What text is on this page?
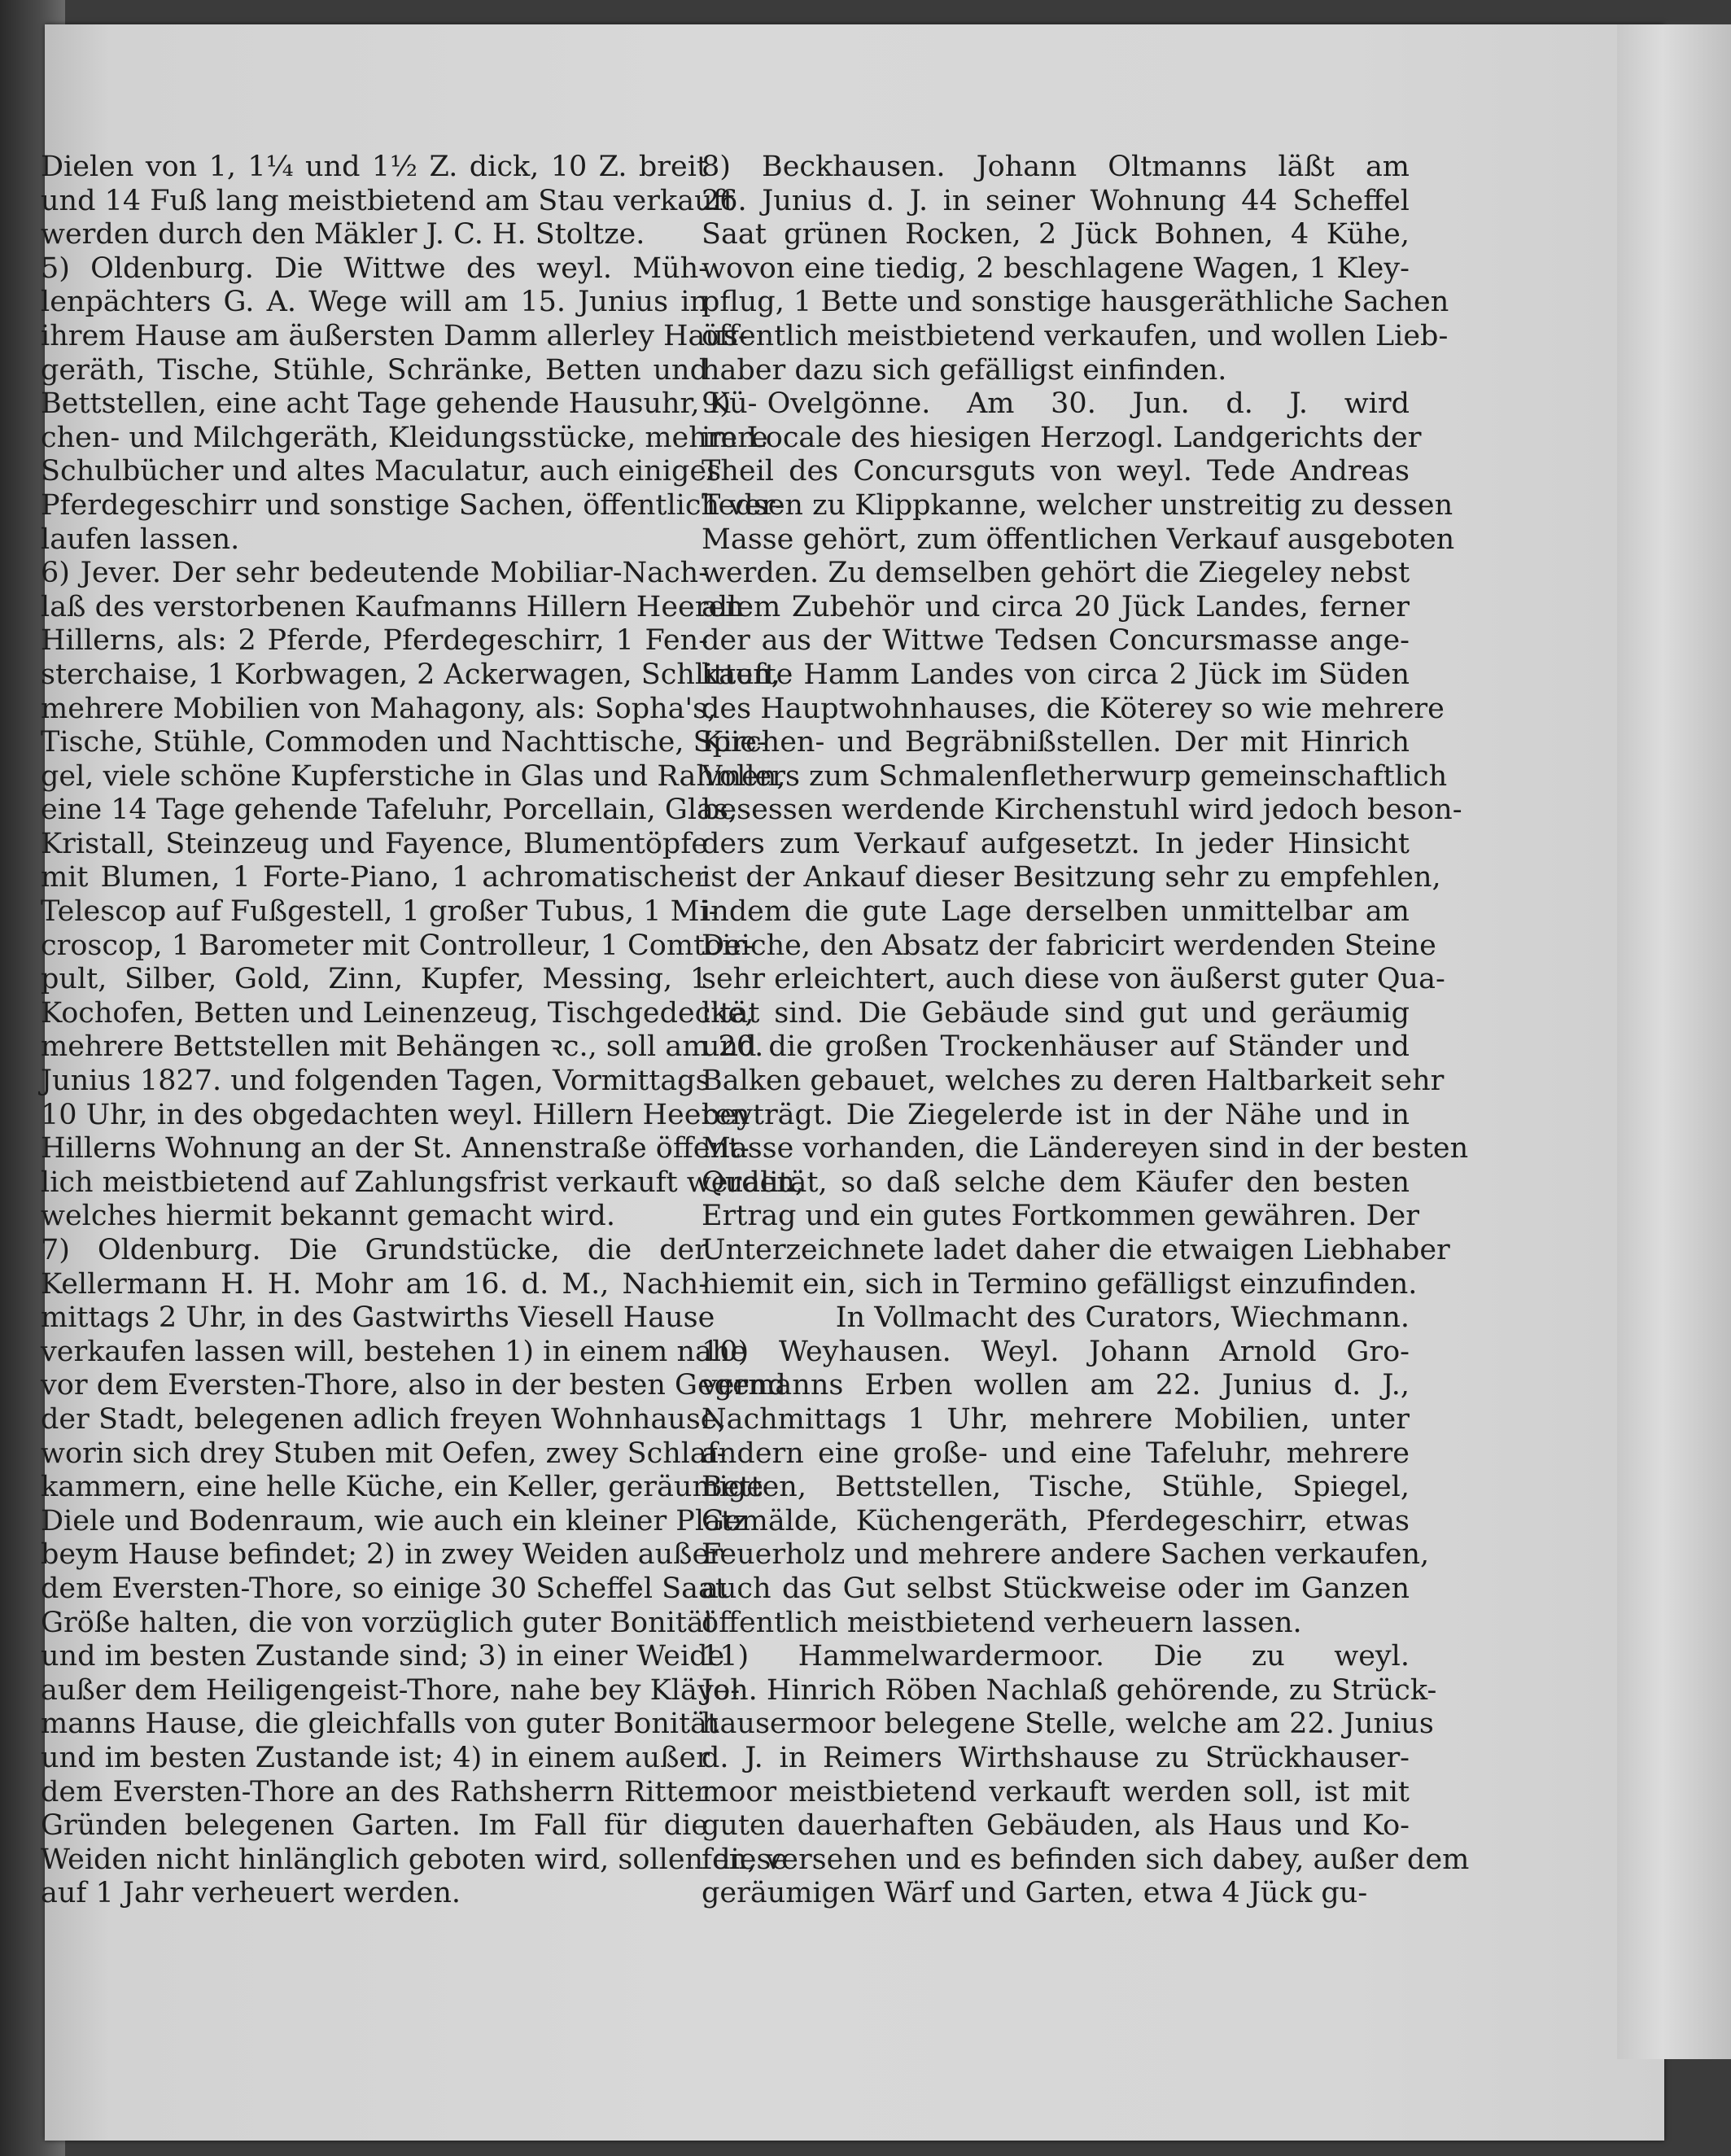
Dielen von 1, 1¼ und 1½ Z. dick, 10 Z. breit
und 14 Fuß lang meistbietend am Stau verkauft
werden durch den Mäkler J. C. H. Stoltze.

5) Oldenburg. Die Wittwe des weyl. Müh-
lenpächters G. A. Wege will am 15. Junius in
ihrem Hause am äußersten Damm allerley Haus-
geräth, Tische, Stühle, Schränke, Betten und
Bettstellen, eine acht Tage gehende Hausuhr, Kü-
chen- und Milchgeräth, Kleidungsstücke, mehrere
Schulbücher und altes Maculatur, auch einiges
Pferdegeschirr und sonstige Sachen, öffentlich ver-
laufen lassen.

6) Jever. Der sehr bedeutende Mobiliar-Nach-
laß des verstorbenen Kaufmanns Hillern Heeren
Hillerns, als: 2 Pferde, Pferdegeschirr, 1 Fen-
sterchaise, 1 Korbwagen, 2 Ackerwagen, Schlitten,
mehrere Mobilien von Mahagony, als: Sopha's,
Tische, Stühle, Commoden und Nachttische, Spie-
gel, viele schöne Kupferstiche in Glas und Rahmen,
eine 14 Tage gehende Tafeluhr, Porcellain, Glas,
Kristall, Steinzeug und Fayence, Blumentöpfe
mit Blumen, 1 Forte-Piano, 1 achromatischer
Telescop auf Fußgestell, 1 großer Tubus, 1 Mi-
croscop, 1 Barometer mit Controlleur, 1 Comtoir-
pult, Silber, Gold, Zinn, Kupfer, Messing, 1
Kochofen, Betten und Leinenzeug, Tischgedecke,
mehrere Bettstellen mit Behängen ꝛc., soll am 20.
Junius 1827. und folgenden Tagen, Vormittags
10 Uhr, in des obgedachten weyl. Hillern Heeren
Hillerns Wohnung an der St. Annenstraße öffent-
lich meistbietend auf Zahlungsfrist verkauft werden,
welches hiermit bekannt gemacht wird.

7) Oldenburg. Die Grundstücke, die der
Kellermann H. H. Mohr am 16. d. M., Nach-
mittags 2 Uhr, in des Gastwirths Viesell Hause
verkaufen lassen will, bestehen 1) in einem nahe
vor dem Eversten-Thore, also in der besten Gegend
der Stadt, belegenen adlich freyen Wohnhause,
worin sich drey Stuben mit Oefen, zwey Schlaf-
kammern, eine helle Küche, ein Keller, geräumige
Diele und Bodenraum, wie auch ein kleiner Platz
beym Hause befindet; 2) in zwey Weiden außer
dem Eversten-Thore, so einige 30 Scheffel Saat
Größe halten, die von vorzüglich guter Bonität
und im besten Zustande sind; 3) in einer Weide
außer dem Heiligengeist-Thore, nahe bey Kläve-
manns Hause, die gleichfalls von guter Bonität
und im besten Zustande ist; 4) in einem außer
dem Eversten-Thore an des Rathsherrn Ritter
Gründen belegenen Garten. Im Fall für die
Weiden nicht hinlänglich geboten wird, sollen diese
auf 1 Jahr verheuert werden.

8) Beckhausen. Johann Oltmanns läßt am
26. Junius d. J. in seiner Wohnung 44 Scheffel
Saat grünen Rocken, 2 Jück Bohnen, 4 Kühe,
wovon eine tiedig, 2 beschlagene Wagen, 1 Kley-
pflug, 1 Bette und sonstige hausgeräthliche Sachen
öffentlich meistbietend verkaufen, und wollen Lieb-
haber dazu sich gefälligst einfinden.

9) Ovelgönne. Am 30. Jun. d. J. wird
im Locale des hiesigen Herzogl. Landgerichts der
Theil des Concursguts von weyl. Tede Andreas
Tedsen zu Klippkanne, welcher unstreitig zu dessen
Masse gehört, zum öffentlichen Verkauf ausgeboten
werden. Zu demselben gehört die Ziegeley nebst
allem Zubehör und circa 20 Jück Landes, ferner
der aus der Wittwe Tedsen Concursmasse ange-
kaufte Hamm Landes von circa 2 Jück im Süden
des Hauptwohnhauses, die Köterey so wie mehrere
Kirchen- und Begräbnißstellen. Der mit Hinrich
Vollers zum Schmalenfletherwurp gemeinschaftlich
besessen werdende Kirchenstuhl wird jedoch beson-
ders zum Verkauf aufgesetzt. In jeder Hinsicht
ist der Ankauf dieser Besitzung sehr zu empfehlen,
indem die gute Lage derselben unmittelbar am
Deiche, den Absatz der fabricirt werdenden Steine
sehr erleichtert, auch diese von äußerst guter Qua-
lität sind. Die Gebäude sind gut und geräumig
und die großen Trockenhäuser auf Ständer und
Balken gebauet, welches zu deren Haltbarkeit sehr
beyträgt. Die Ziegelerde ist in der Nähe und in
Masse vorhanden, die Ländereyen sind in der besten
Qualität, so daß selche dem Käufer den besten
Ertrag und ein gutes Fortkommen gewähren. Der
Unterzeichnete ladet daher die etwaigen Liebhaber
hiemit ein, sich in Termino gefälligst einzufinden.

In Vollmacht des Curators, Wiechmann.

10) Weyhausen. Weyl. Johann Arnold Gro-
vermanns Erben wollen am 22. Junius d. J.,
Nachmittags 1 Uhr, mehrere Mobilien, unter
andern eine große- und eine Tafeluhr, mehrere
Betten, Bettstellen, Tische, Stühle, Spiegel,
Gemälde, Küchengeräth, Pferdegeschirr, etwas
Feuerholz und mehrere andere Sachen verkaufen,
auch das Gut selbst Stückweise oder im Ganzen
öffentlich meistbietend verheuern lassen.

11) Hammelwardermoor. Die zu weyl.
Joh. Hinrich Röben Nachlaß gehörende, zu Strück-
hausermoor belegene Stelle, welche am 22. Junius
d. J. in Reimers Wirthshause zu Strückhauser-
moor meistbietend verkauft werden soll, ist mit
guten dauerhaften Gebäuden, als Haus und Ko-
fen, versehen und es befinden sich dabey, außer dem
geräumigen Wärf und Garten, etwa 4 Jück gu-
